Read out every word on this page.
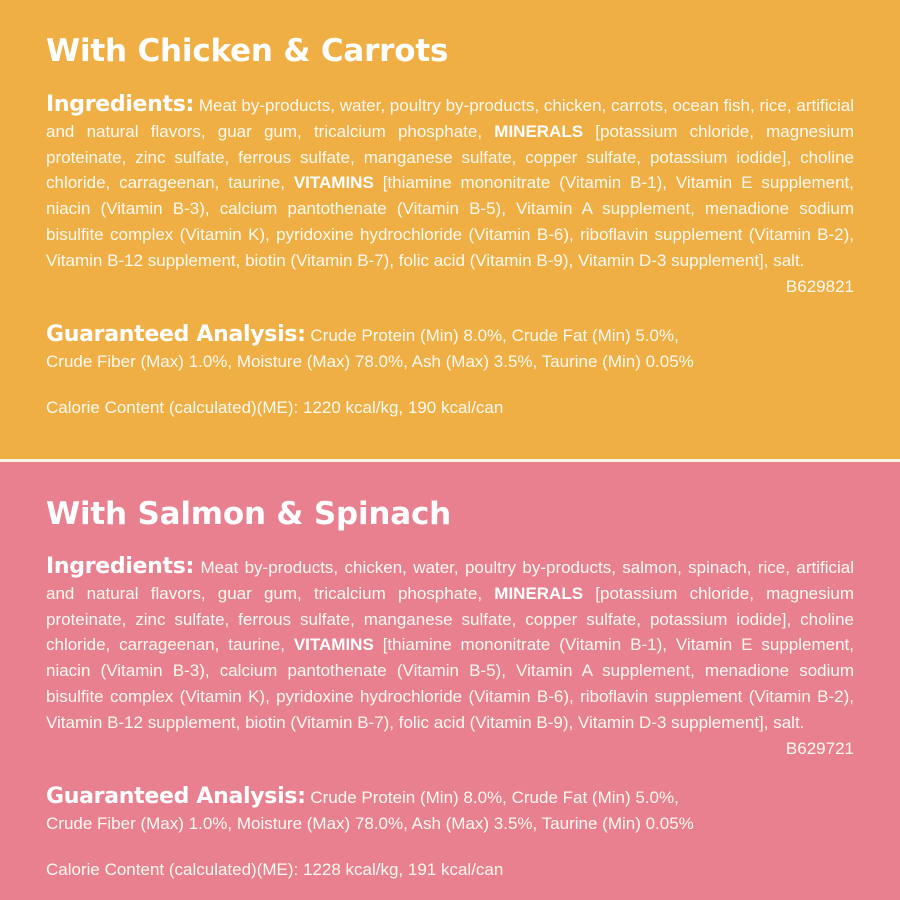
With Chicken & Carrots

Ingredients: Meat by-products, water, poultry by-products, chicken, carrots, ocean fish, rice, artificial and natural flavors, guar gum, tricalcium phosphate, MINERALS [potassium chloride, magnesium proteinate, zinc sulfate, ferrous sulfate, manganese sulfate, copper sulfate, potassium iodide], choline chloride, carrageenan, taurine, VITAMINS [thiamine mononitrate (Vitamin B-1), Vitamin E supplement, niacin (Vitamin B-3), calcium pantothenate (Vitamin B-5), Vitamin A supplement, menadione sodium bisulfite complex (Vitamin K), pyridoxine hydrochloride (Vitamin B-6), riboflavin supplement (Vitamin B-2), Vitamin B-12 supplement, biotin (Vitamin B-7), folic acid (Vitamin B-9), Vitamin D-3 supplement], salt.
B629821

Guaranteed Analysis: Crude Protein (Min) 8.0%, Crude Fat (Min) 5.0%,
Crude Fiber (Max) 1.0%, Moisture (Max) 78.0%, Ash (Max) 3.5%, Taurine (Min) 0.05%

Calorie Content (calculated)(ME): 1220 kcal/kg, 190 kcal/can

With Salmon & Spinach

Ingredients: Meat by-products, chicken, water, poultry by-products, salmon, spinach, rice, artificial and natural flavors, guar gum, tricalcium phosphate, MINERALS [potassium chloride, magnesium proteinate, zinc sulfate, ferrous sulfate, manganese sulfate, copper sulfate, potassium iodide], choline chloride, carrageenan, taurine, VITAMINS [thiamine mononitrate (Vitamin B-1), Vitamin E supplement, niacin (Vitamin B-3), calcium pantothenate (Vitamin B-5), Vitamin A supplement, menadione sodium bisulfite complex (Vitamin K), pyridoxine hydrochloride (Vitamin B-6), riboflavin supplement (Vitamin B-2), Vitamin B-12 supplement, biotin (Vitamin B-7), folic acid (Vitamin B-9), Vitamin D-3 supplement], salt.
B629721

Guaranteed Analysis: Crude Protein (Min) 8.0%, Crude Fat (Min) 5.0%,
Crude Fiber (Max) 1.0%, Moisture (Max) 78.0%, Ash (Max) 3.5%, Taurine (Min) 0.05%

Calorie Content (calculated)(ME): 1228 kcal/kg, 191 kcal/can
